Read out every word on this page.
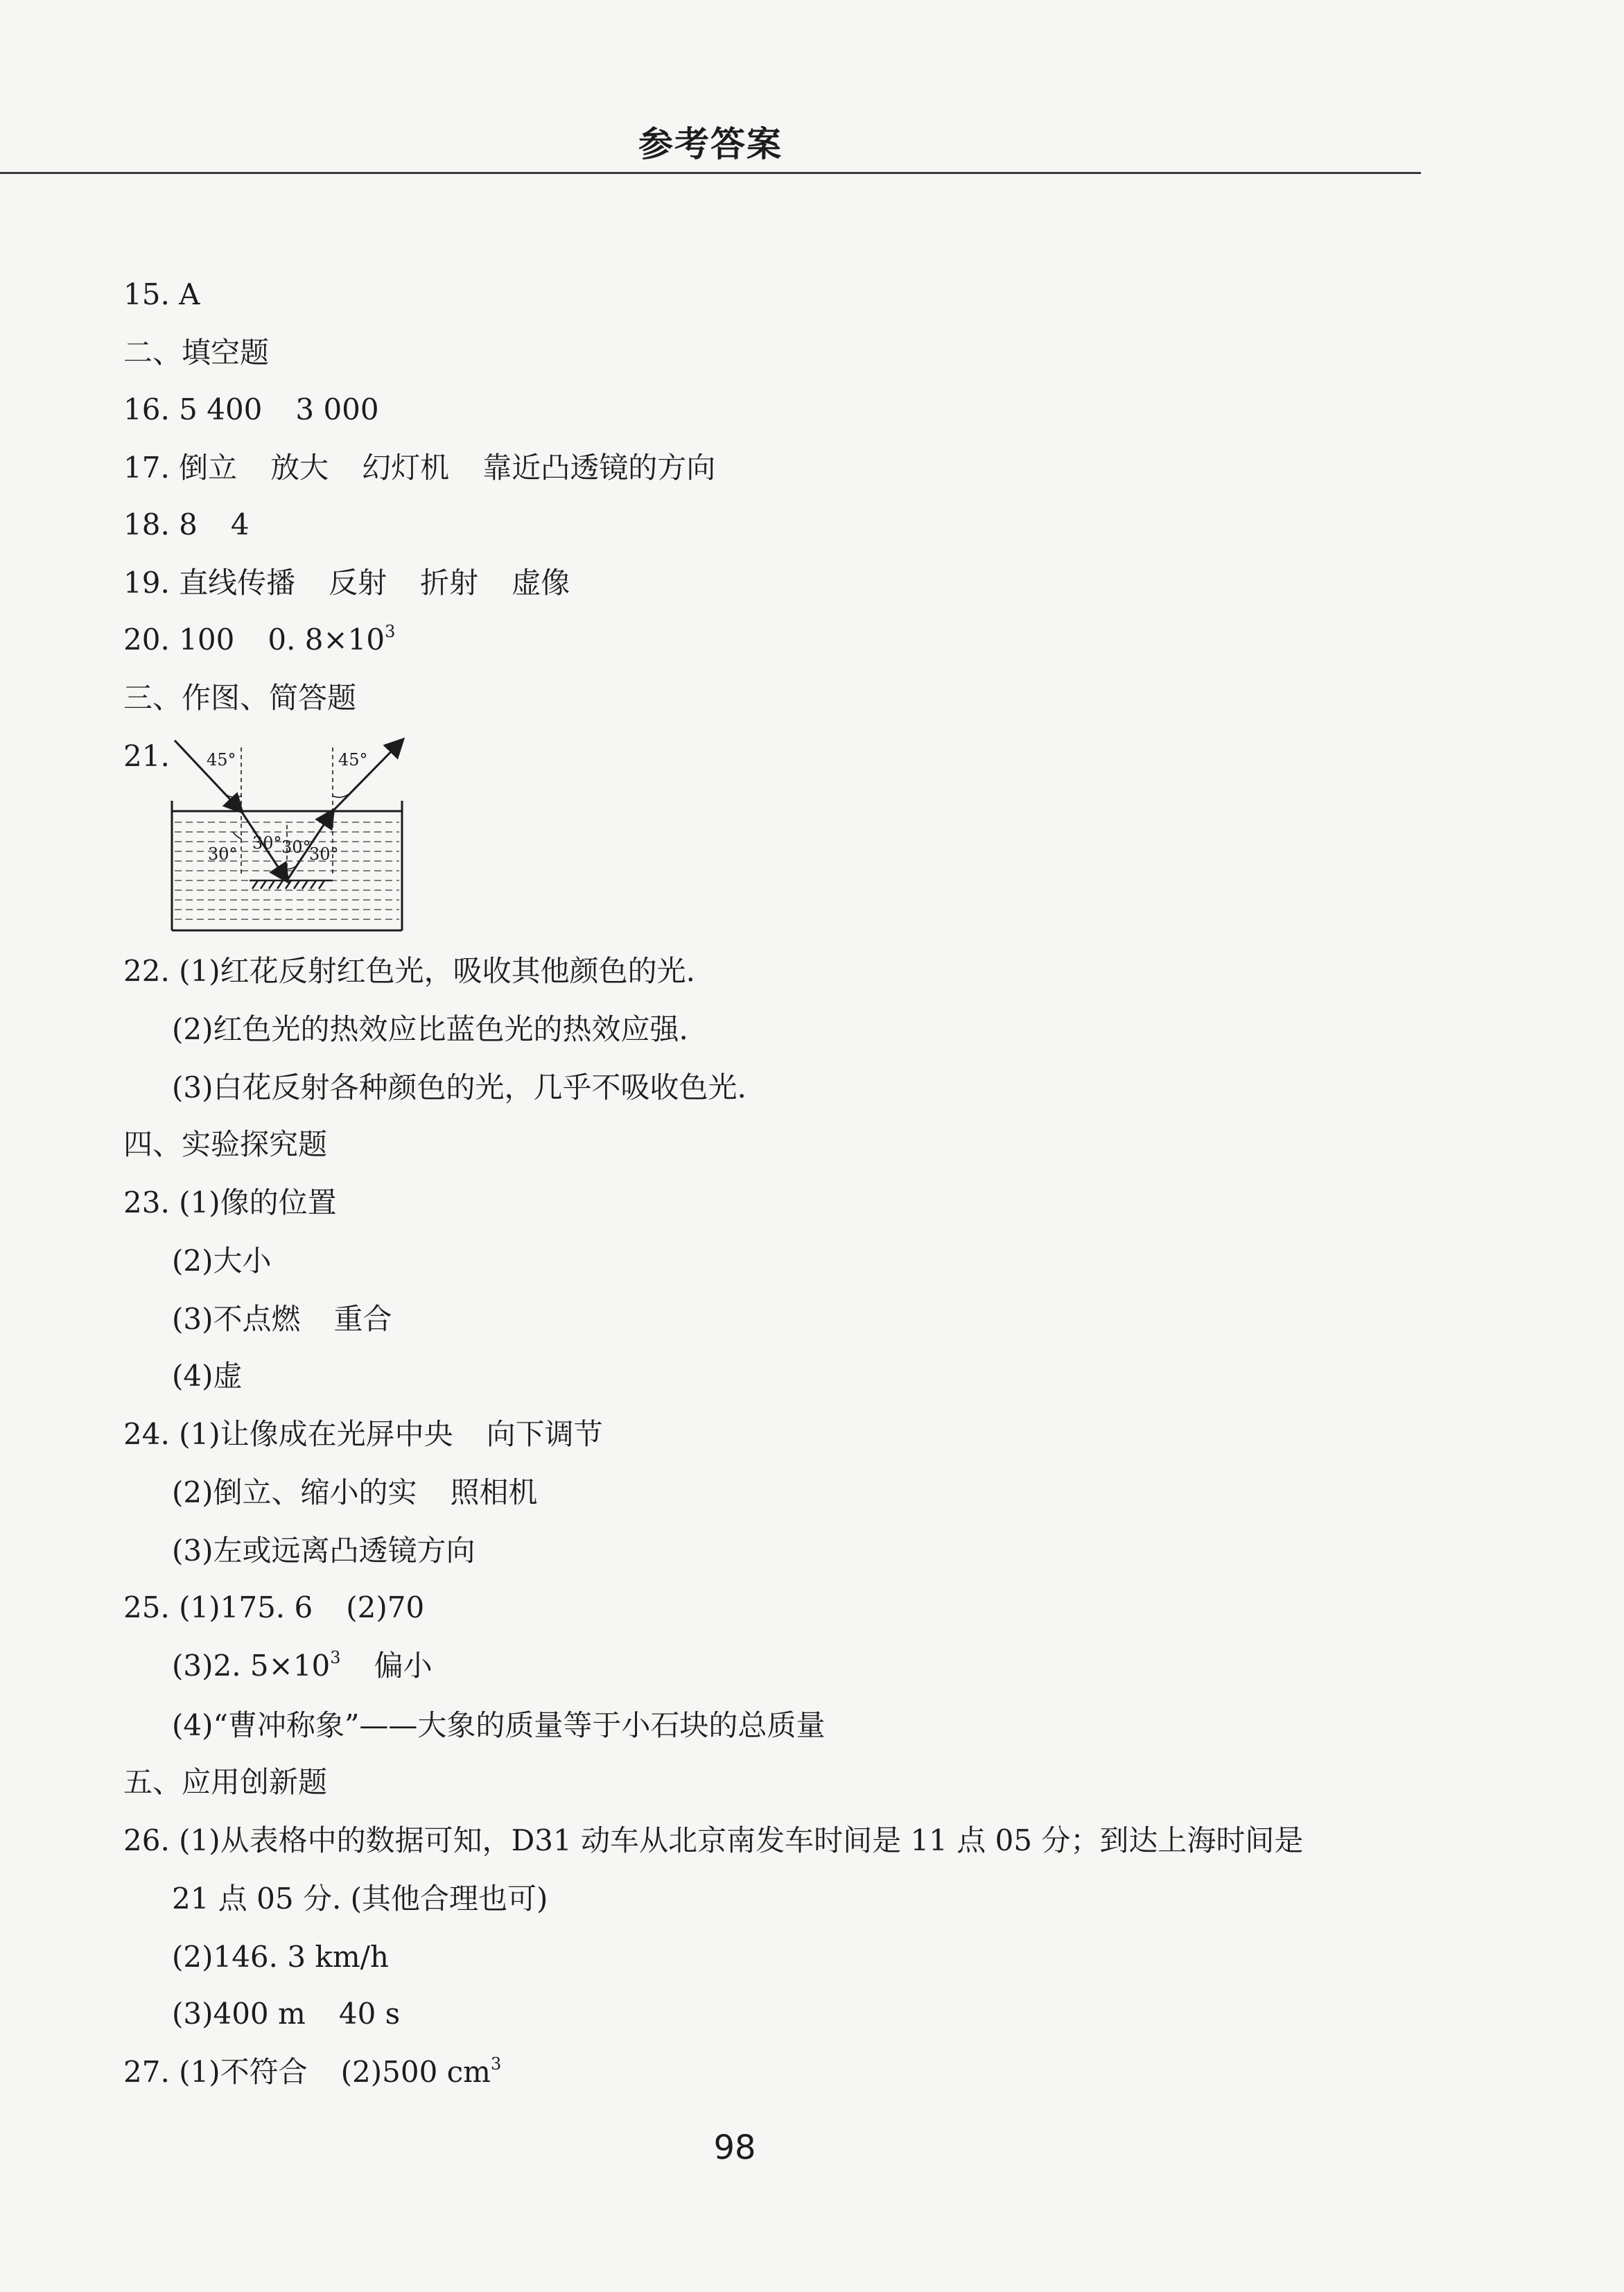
参考答案
15. A
二、填空题
16. 5 400 3 000
17. 倒立 放大 幻灯机 靠近凸透镜的方向
18. 8 4
19. 直线传播 反射 折射 虚像
20. 100 0. $8\times 10^3$
三、作图、简答题
21.
22. (1)红花反射红色光，吸收其他颜色的光.
(2)红色光的热效应比蓝色光的热效应强.
(3)白花反射各种颜色的光，几乎不吸收色光.
四、实验探究题
23. (1)像的位置
(2)大小
(3)不点燃 重合
(4)虚
24. (1)让像成在光屏中央 向下调节
(2)倒立、缩小的实 照相机
(3)左或远离凸透镜方向
25. (1)175. 6 (2)70
(3)2. $5\times 10^3$ 偏小
(4)“曹冲称象”——大象的质量等于小石块的总质量
五、应用创新题
26. (1)从表格中的数据可知，D31 动车从北京南发车时间是 11 点 05 分；到达上海时间是
21 点 05 分. (其他合理也可)
(2)146. 3 km/h
(3)400 m 40 s
27. (1)不符合 (2)500 $cm^3$
45°	45°
30°
30° 30°
30°
98
